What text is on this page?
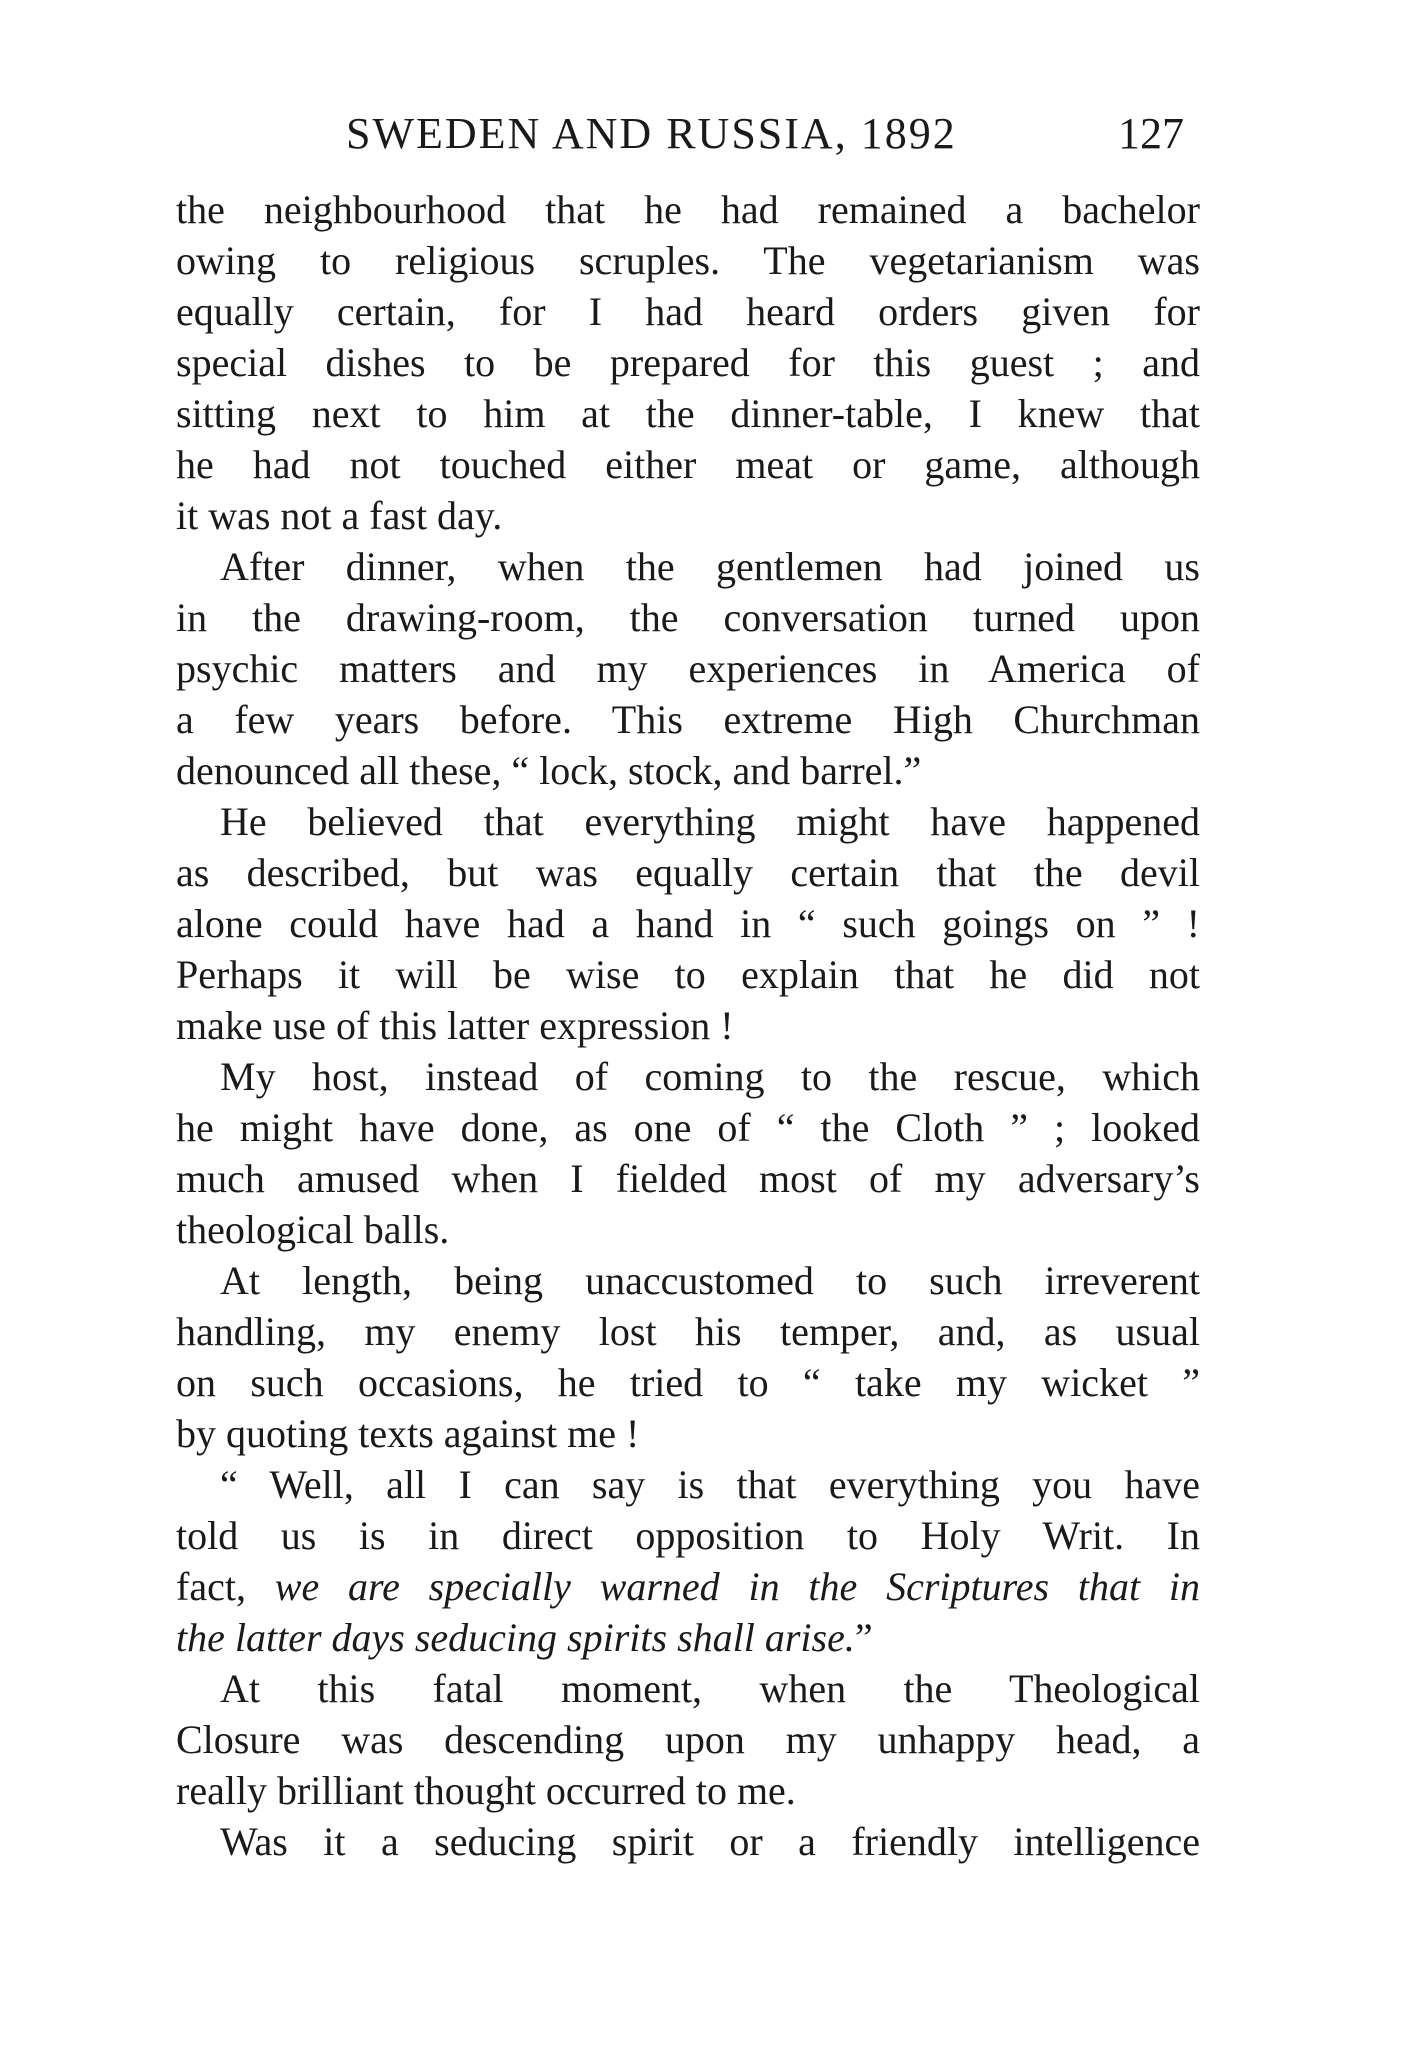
SWEDEN AND RUSSIA, 1892	127
the neighbourhood that he had remained a bachelor
owing to religious scruples. The vegetarianism was
equally certain, for I had heard orders given for
special dishes to be prepared for this guest ; and
sitting next to him at the dinner-table, I knew that
he had not touched either meat or game, although
it was not a fast day.
After dinner, when the gentlemen had joined us
in the drawing-room, the conversation turned upon
psychic matters and my experiences in America of
a few years before. This extreme High Churchman
denounced all these, “ lock, stock, and barrel.”
He believed that everything might have happened
as described, but was equally certain that the devil
alone could have had a hand in “ such goings on ” !
Perhaps it will be wise to explain that he did not
make use of this latter expression !
My host, instead of coming to the rescue, which
he might have done, as one of “ the Cloth ” ; looked
much amused when I fielded most of my adversary’s
theological balls.
At length, being unaccustomed to such irreverent
handling, my enemy lost his temper, and, as usual
on such occasions, he tried to “ take my wicket ”
by quoting texts against me !
“ Well, all I can say is that everything you have
told us is in direct opposition to Holy Writ. In
fact, we are specially warned in the Scriptures that in
the latter days seducing spirits shall arise.”
At this fatal moment, when the Theological
Closure was descending upon my unhappy head, a
really brilliant thought occurred to me.
Was it a seducing spirit or a friendly intelligence
